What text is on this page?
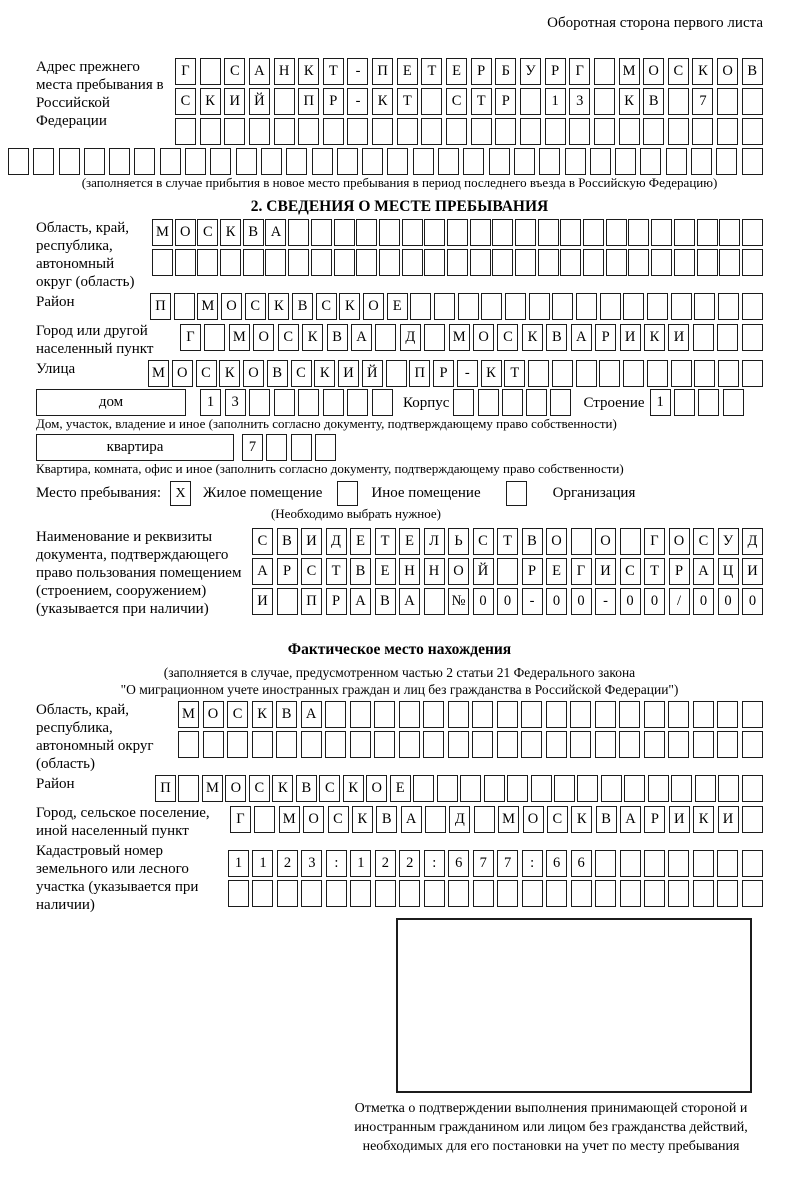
Оборотная сторона первого листа
Адрес прежнего места пребывания в Российской Федерации
Г	С	А Н	К	Т	-	П	Е	Т	Е	Р	Б	У	Р	Г	М О	С	К	О	В
С	К	И Й	П	Р	-	К	Т	С	Т	Р	1	3	К	В	7
(заполняется в случае прибытия в новое место пребывания в период последнего въезда в Российскую Федерацию)
2. СВЕДЕНИЯ О МЕСТЕ ПРЕБЫВАНИЯ
Область, край, республика, автономный округ (область)
М О С К В А
Район	П	М О С К В С К О Е
Город или другой населенный пункт
Г	М О С	К	В А	Д	М О С	К	В А	Р	И К И
Улица	М О С К О В С К И Й	П Р	-	К Т
дом	1	3	Корпус	Строение 1
Дом, участок, владение и иное (заполнить согласно документу, подтверждающему право собственности)
квартира	7
Квартира, комната, офис и иное (заполнить согласно документу, подтверждающему право собственности)
Место пребывания:	X	Жилое помещение	Иное помещение	Организация
(Необходимо выбрать нужное)
Наименование и реквизиты документа, подтверждающего право пользования помещением (строением, сооружением) (указывается при наличии)
С	В И Д	Е	Т	Е	Л	Ь	С	Т	В О	О	Г	О С	У Д
А	Р	С	Т	В	Е	Н Н О Й	Р	Е	Г	И С	Т	Р	А Ц И
И	П	Р	А В А	№ 0	0	-	0	0	-	0	0	/	0	0	0
Фактическое место нахождения
(заполняется в случае, предусмотренном частью 2 статьи 21 Федерального закона
"О миграционном учете иностранных граждан и лиц без гражданства в Российской Федерации")
Область, край, республика, автономный округ (область)
М О С	К	В А
Район	П	М О С К В С К О Е
Город, сельское поселение, иной населенный пункт
Г	М О С	К	В А	Д	М О С	К	В А	Р	И К И
Кадастровый номер земельного или лесного участка (указывается при наличии)
1	1	2	3	:	1	2	2	:	6	7	7	:	6	6
Отметка о подтверждении выполнения принимающей стороной и иностранным гражданином или лицом без гражданства действий, необходимых для его постановки на учет по месту пребывания
